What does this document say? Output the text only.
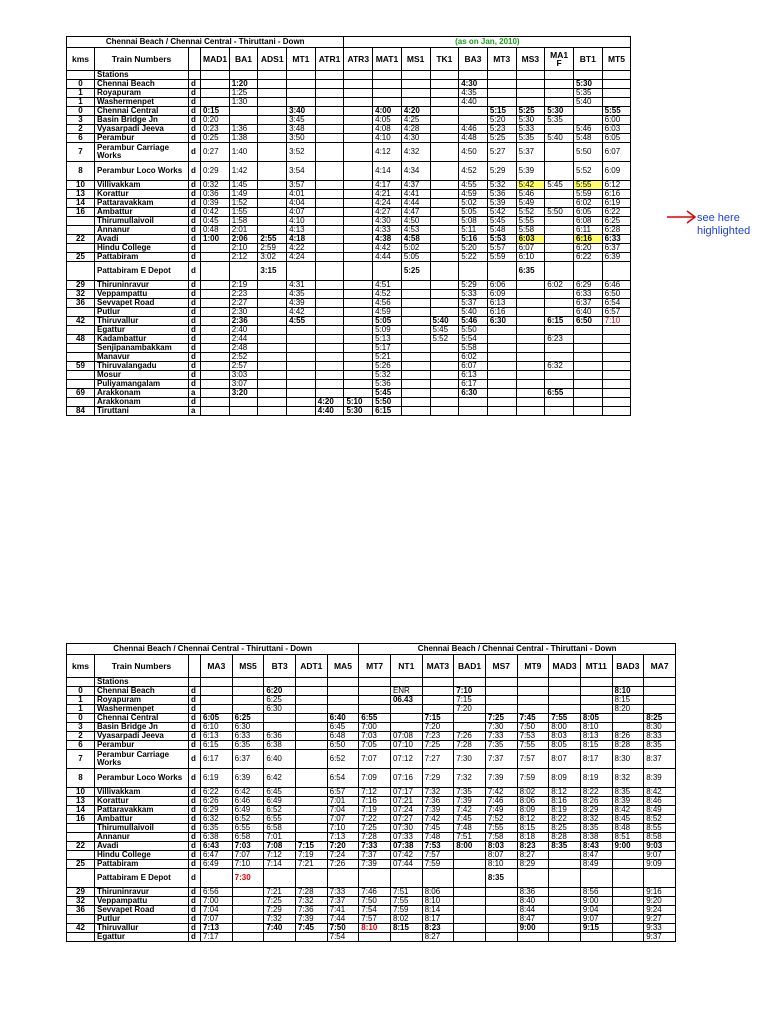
Chennai Beach / Chennai Central - Thiruttani - Down								(as on Jan, 2010)									
kms	Train Numbers		MAD1	BA1	ADS1	MT1	ATR1	ATR3	MAT1	MS1	TK1	BA3	MT3	MS3	MA1 F	BT1	MT5
	Stations																
0	Chennai Beach	d		1:20								4:30				5:30	
1	Royapuram	d		1:25								4:35				5:35	
1	Washermenpet	d		1:30								4:40				5:40	
0	Chennai Central	d	0:15			3:40			4:00	4:20			5:15	5:25	5:30		5:55
3	Basin Bridge Jn	d	0:20			3:45			4:05	4:25			5:20	5:30	5:35		6:00
2	Vyasarpadi Jeeva	d	0:23	1:36		3:48			4:08	4:28		4:46	5:23	5:33		5:46	6:03
6	Perambur	d	0:25	1:38		3:50			4:10	4:30		4:48	5:25	5:35	5:40	5:48	6:05
7	Perambur Carriage Works	d	0:27	1:40		3:52			4:12	4:32		4:50	5:27	5:37		5:50	6:07
8	Perambur Loco Works	d	0:29	1:42		3:54			4:14	4:34		4:52	5:29	5:39		5:52	6:09
10	Villivakkam	d	0:32	1:45		3:57			4:17	4:37		4:55	5:32	5:42	5:45	5:55	6:12
13	Korattur	d	0:36	1:49		4:01			4:21	4:41		4:59	5:36	5:46		5:59	6:16
14	Pattaravakkam	d	0:39	1:52		4:04			4:24	4:44		5:02	5:39	5:49		6:02	6:19
16	Ambattur	d	0:42	1:55		4:07			4:27	4:47		5:05	5:42	5:52	5:50	6:05	6:22
	Thirumullaivoil	d	0:45	1:58		4:10			4:30	4:50		5:08	5:45	5:55		6:08	6:25
	Annanur	d	0:48	2:01		4:13			4:33	4:53		5:11	5:48	5:58		6:11	6:28
22	Avadi	d	1:00	2:06	2:55	4:18			4:38	4:58		5:16	5:53	6:03		6:16	6:33
	Hindu College	d		2:10	2:59	4:22			4:42	5:02		5:20	5:57	6:07		6:20	6:37
25	Pattabiram	d		2:12	3:02	4:24			4:44	5:05		5:22	5:59	6:10		6:22	6:39
	Pattabiram E Depot	d			3:15					5:25				6:35			
29	Thiruninravur	d		2:19		4:31			4:51			5:29	6:06		6:02	6:29	6:46
32	Veppampattu	d		2:23		4:35			4:52			5:33	6:09			6:33	6:50
36	Sevvapet Road	d		2:27		4:39			4:56			5:37	6:13			6:37	6:54
	Putlur	d		2:30		4:42			4:59			5:40	6:16			6:40	6:57
42	Thiruvallur	d		2:36		4:55			5:05		5:40	5:46	6:30		6:15	6:50	7:10
	Egattur	d		2:40					5:09		5:45	5:50					
48	Kadambattur	d		2:44					5:13		5:52	5:54			6:23		
	Senjipanambakkam	d		2:48					5:17			5:58					
	Manavur	d		2:52					5:21			6:02					
59	Thiruvalangadu	d		2:57					5:26			6:07			6:32		
	Mosur	d		3:03					5:32			6:13					
	Puliyamangalam	d		3:07					5:36			6:17					
69	Arakkonam	a		3:20					5:45			6:30			6:55		
	Arakkonam	d					4:20	5:10	5:50								
84	Tiruttani	a					4:40	5:30	6:15								
see here
highlighted
Chennai Beach / Chennai Central - Thiruttani - Down								Chennai Beach / Chennai Central - Thiruttani - Down									
kms	Train Numbers		MA3	MS5	BT3	ADT1	MA5	MT7	NT1	MAT3	BAD1	MS7	MT9	MAD3	MT11	BAD3	MA7
	Stations																
0	Chennai Beach	d			6:20				ENR		7:10					8:10	
1	Royapuram	d			6:25				06.43		7:15					8:15	
1	Washermenpet	d			6:30						7:20					8:20	
0	Chennai Central	d	6:05	6:25			6:40	6:55		7:15		7:25	7:45	7:55	8:05		8:25
3	Basin Bridge Jn	d	6:10	6:30			6:45	7:00		7:20		7:30	7:50	8:00	8:10		8:30
2	Vyasarpadi Jeeva	d	6:13	6:33	6:36		6:48	7:03	07:08	7:23	7:26	7:33	7:53	8:03	8:13	8:26	8:33
6	Perambur	d	6:15	6:35	6:38		6:50	7:05	07:10	7:25	7:28	7:35	7:55	8:05	8:15	8:28	8:35
7	Perambur Carriage Works	d	6:17	6:37	6:40		6:52	7:07	07:12	7:27	7:30	7:37	7:57	8:07	8:17	8:30	8:37
8	Perambur Loco Works	d	6:19	6:39	6:42		6:54	7:09	07:16	7:29	7:32	7:39	7:59	8:09	8:19	8:32	8:39
10	Villivakkam	d	6:22	6:42	6:45		6:57	7:12	07:17	7:32	7:35	7:42	8:02	8:12	8:22	8:35	8:42
13	Korattur	d	6:26	6:46	6:49		7:01	7:16	07:21	7:36	7:39	7:46	8:06	8:16	8:26	8:39	8:46
14	Pattaravakkam	d	6:29	6:49	6:52		7:04	7:19	07:24	7:39	7:42	7:49	8:09	8:19	8:29	8:42	8:49
16	Ambattur	d	6:32	6:52	6:55		7:07	7:22	07:27	7:42	7:45	7:52	8:12	8:22	8:32	8:45	8:52
	Thirumullaivoil	d	6:35	6:55	6:58		7:10	7:25	07:30	7:45	7:48	7:55	8:15	8:25	8:35	8:48	8:55
	Annanur	d	6:38	6:58	7:01		7:13	7:28	07:33	7:48	7:51	7:58	8:18	8:28	8:38	8:51	8:58
22	Avadi	d	6:43	7:03	7:08	7:15	7:20	7:33	07:38	7:53	8:00	8:03	8:23	8:35	8:43	9:00	9:03
	Hindu College	d	6:47	7:07	7:12	7:19	7:24	7:37	07:42	7:57		8:07	8:27		8:47		9:07
25	Pattabiram	d	6:49	7:10	7:14	7:21	7:26	7:39	07:44	7:59		8:10	8:29		8:49		9:09
	Pattabiram E Depot	d		7:30								8:35					
29	Thiruninravur	d	6:56		7:21	7:28	7:33	7:46	7:51	8:06			8:36		8:56		9:16
32	Veppampattu	d	7:00		7:25	7:32	7:37	7:50	7:55	8:10			8:40		9:00		9:20
36	Sevvapet Road	d	7:04		7:29	7:36	7:41	7:54	7:59	8:14			8:44		9:04		9:24
	Putlur	d	7:07		7:32	7:39	7:44	7:57	8:02	8:17			8:47		9:07		9:27
42	Thiruvallur	d	7:13		7:40	7:45	7:50	8:10	8:15	8:23			9:00		9:15		9:33
	Egattur	d	7:17				7:54			8:27							9:37
